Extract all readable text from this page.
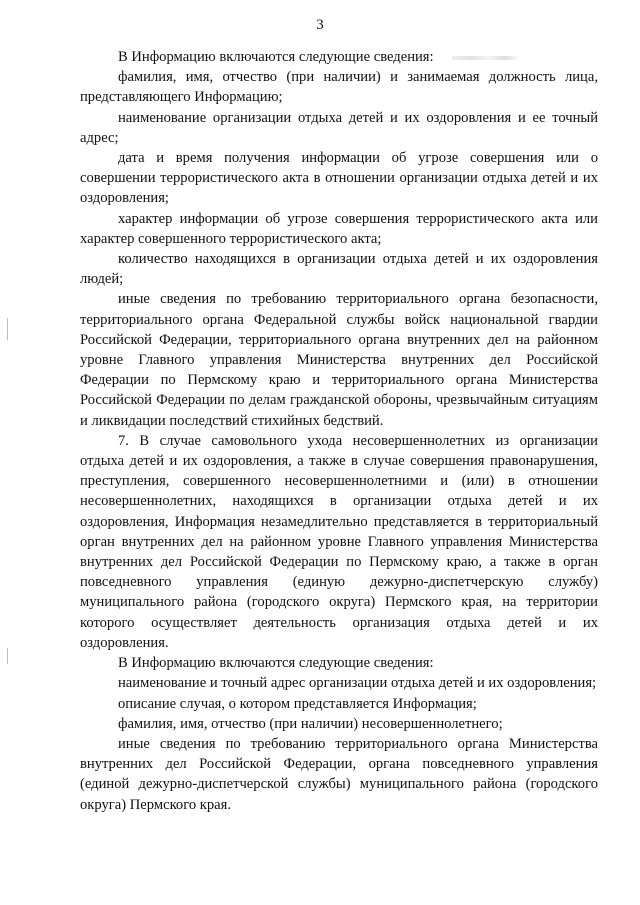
3

В Информацию включаются следующие сведения:

фамилия, имя, отчество (при наличии) и занимаемая должность лица, представляющего Информацию;

наименование организации отдыха детей и их оздоровления и ее точный адрес;

дата и время получения информации об угрозе совершения или о совершении террористического акта в отношении организации отдыха детей и их оздоровления;

характер информации об угрозе совершения террористического акта или характер совершенного террористического акта;

количество находящихся в организации отдыха детей и их оздоровления людей;

иные сведения по требованию территориального органа безопасности, территориального органа Федеральной службы войск национальной гвардии Российской Федерации, территориального органа внутренних дел на районном уровне Главного управления Министерства внутренних дел Российской Федерации по Пермскому краю и территориального органа Министерства Российской Федерации по делам гражданской обороны, чрезвычайным ситуациям и ликвидации последствий стихийных бедствий.

7. В случае самовольного ухода несовершеннолетних из организации отдыха детей и их оздоровления, а также в случае совершения правонарушения, преступления, совершенного несовершеннолетними и (или) в отношении несовершеннолетних, находящихся в организации отдыха детей и их оздоровления, Информация незамедлительно представляется в территориальный орган внутренних дел на районном уровне Главного управления Министерства внутренних дел Российской Федерации по Пермскому краю, а также в орган повседневного управления (единую дежурно-диспетчерскую службу) муниципального района (городского округа) Пермского края, на территории которого осуществляет деятельность организация отдыха детей и их оздоровления.

В Информацию включаются следующие сведения:

наименование и точный адрес организации отдыха детей и их оздоровления;

описание случая, о котором представляется Информация;

фамилия, имя, отчество (при наличии) несовершеннолетнего;

иные сведения по требованию территориального органа Министерства внутренних дел Российской Федерации, органа повседневного управления (единой дежурно-диспетчерской службы) муниципального района (городского округа) Пермского края.
